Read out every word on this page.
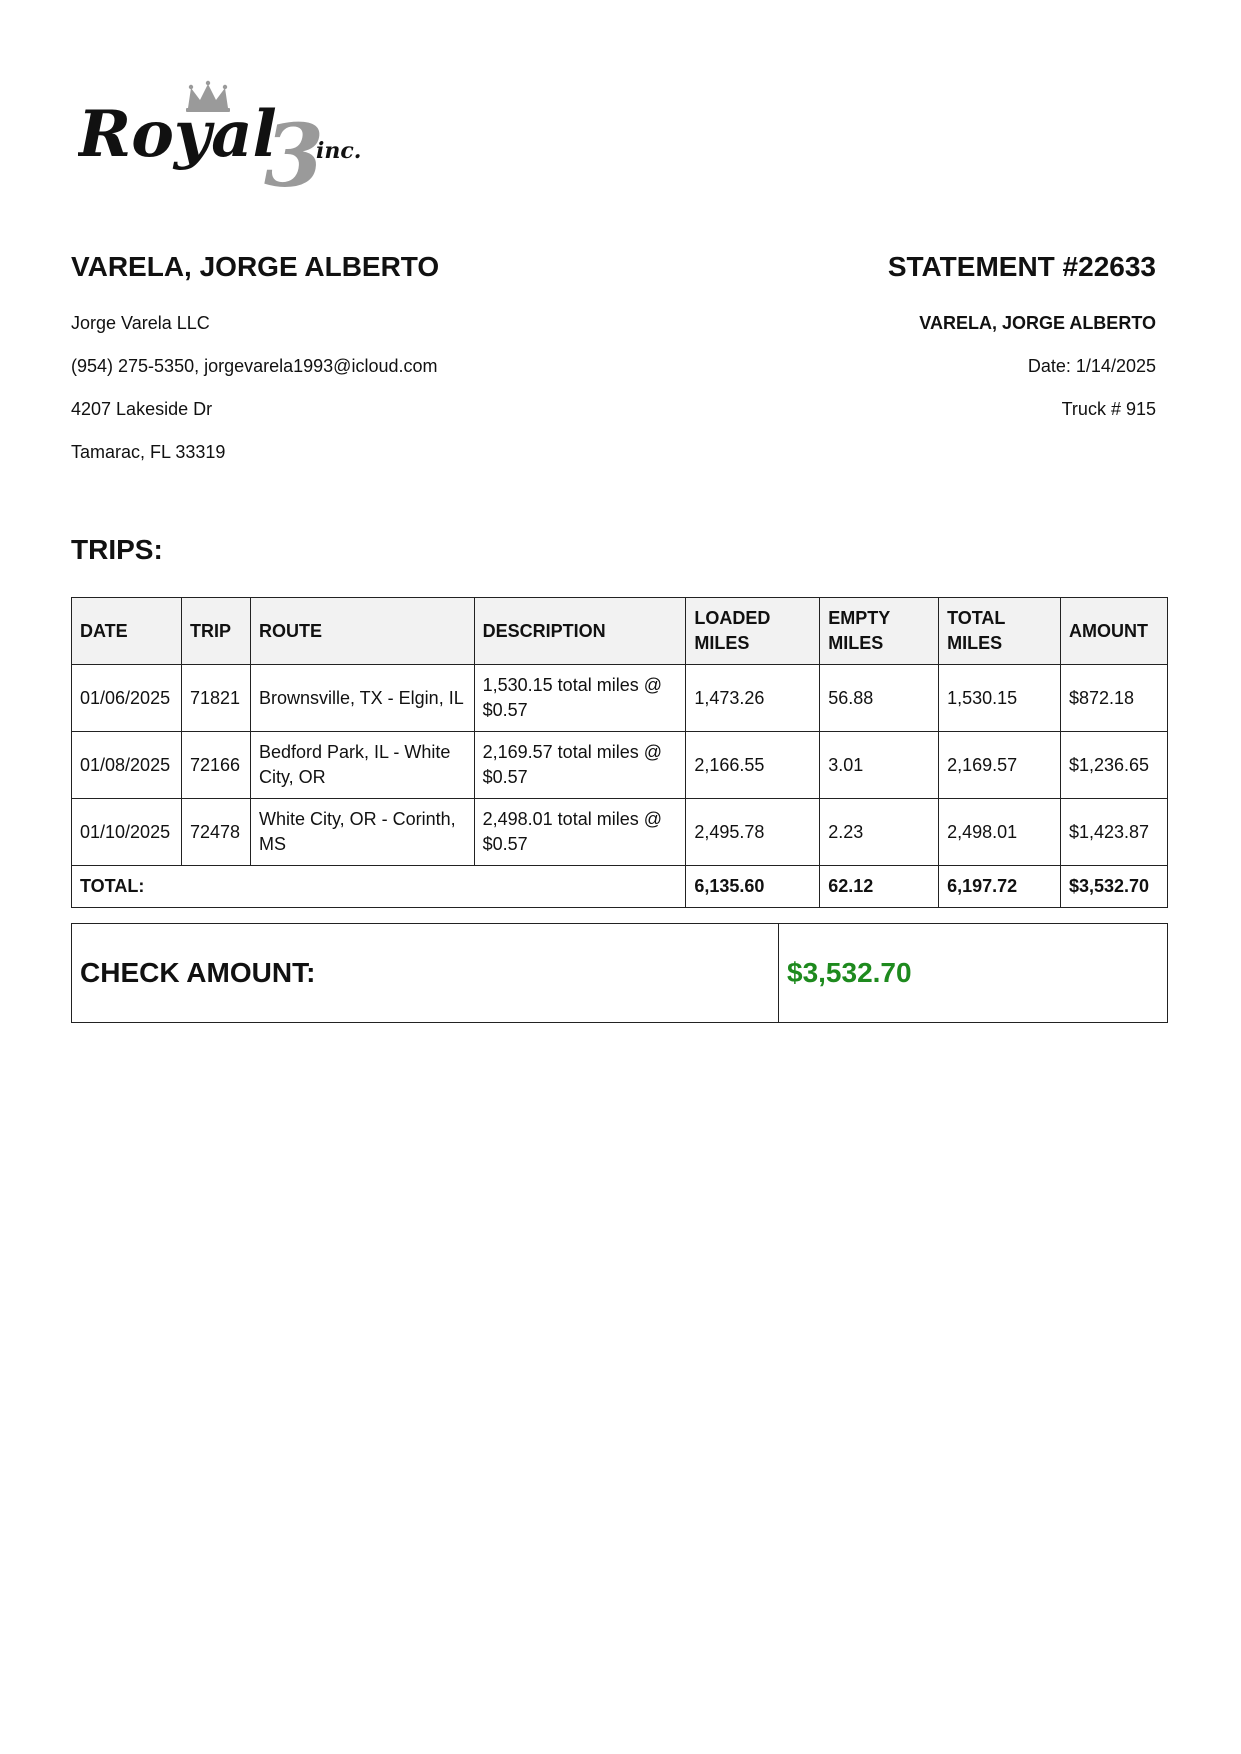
Royal
3
inc.
VARELA, JORGE ALBERTO
Jorge Varela LLC
(954) 275-5350, jorgevarela1993@icloud.com
4207 Lakeside Dr
Tamarac, FL 33319
STATEMENT #22633
VARELA, JORGE ALBERTO
Date: 1/14/2025
Truck # 915
TRIPS:
DATE	TRIP	ROUTE	DESCRIPTION	LOADED MILES	EMPTY MILES	TOTAL MILES	AMOUNT
01/06/2025	71821	Brownsville, TX - Elgin, IL	1,530.15 total miles @ $0.57	1,473.26	56.88	1,530.15	$872.18
01/08/2025	72166	Bedford Park, IL - White City, OR	2,169.57 total miles @ $0.57	2,166.55	3.01	2,169.57	$1,236.65
01/10/2025	72478	White City, OR - Corinth, MS	2,498.01 total miles @ $0.57	2,495.78	2.23	2,498.01	$1,423.87
TOTAL:				6,135.60	62.12	6,197.72	$3,532.70
CHECK AMOUNT:	$3,532.70
